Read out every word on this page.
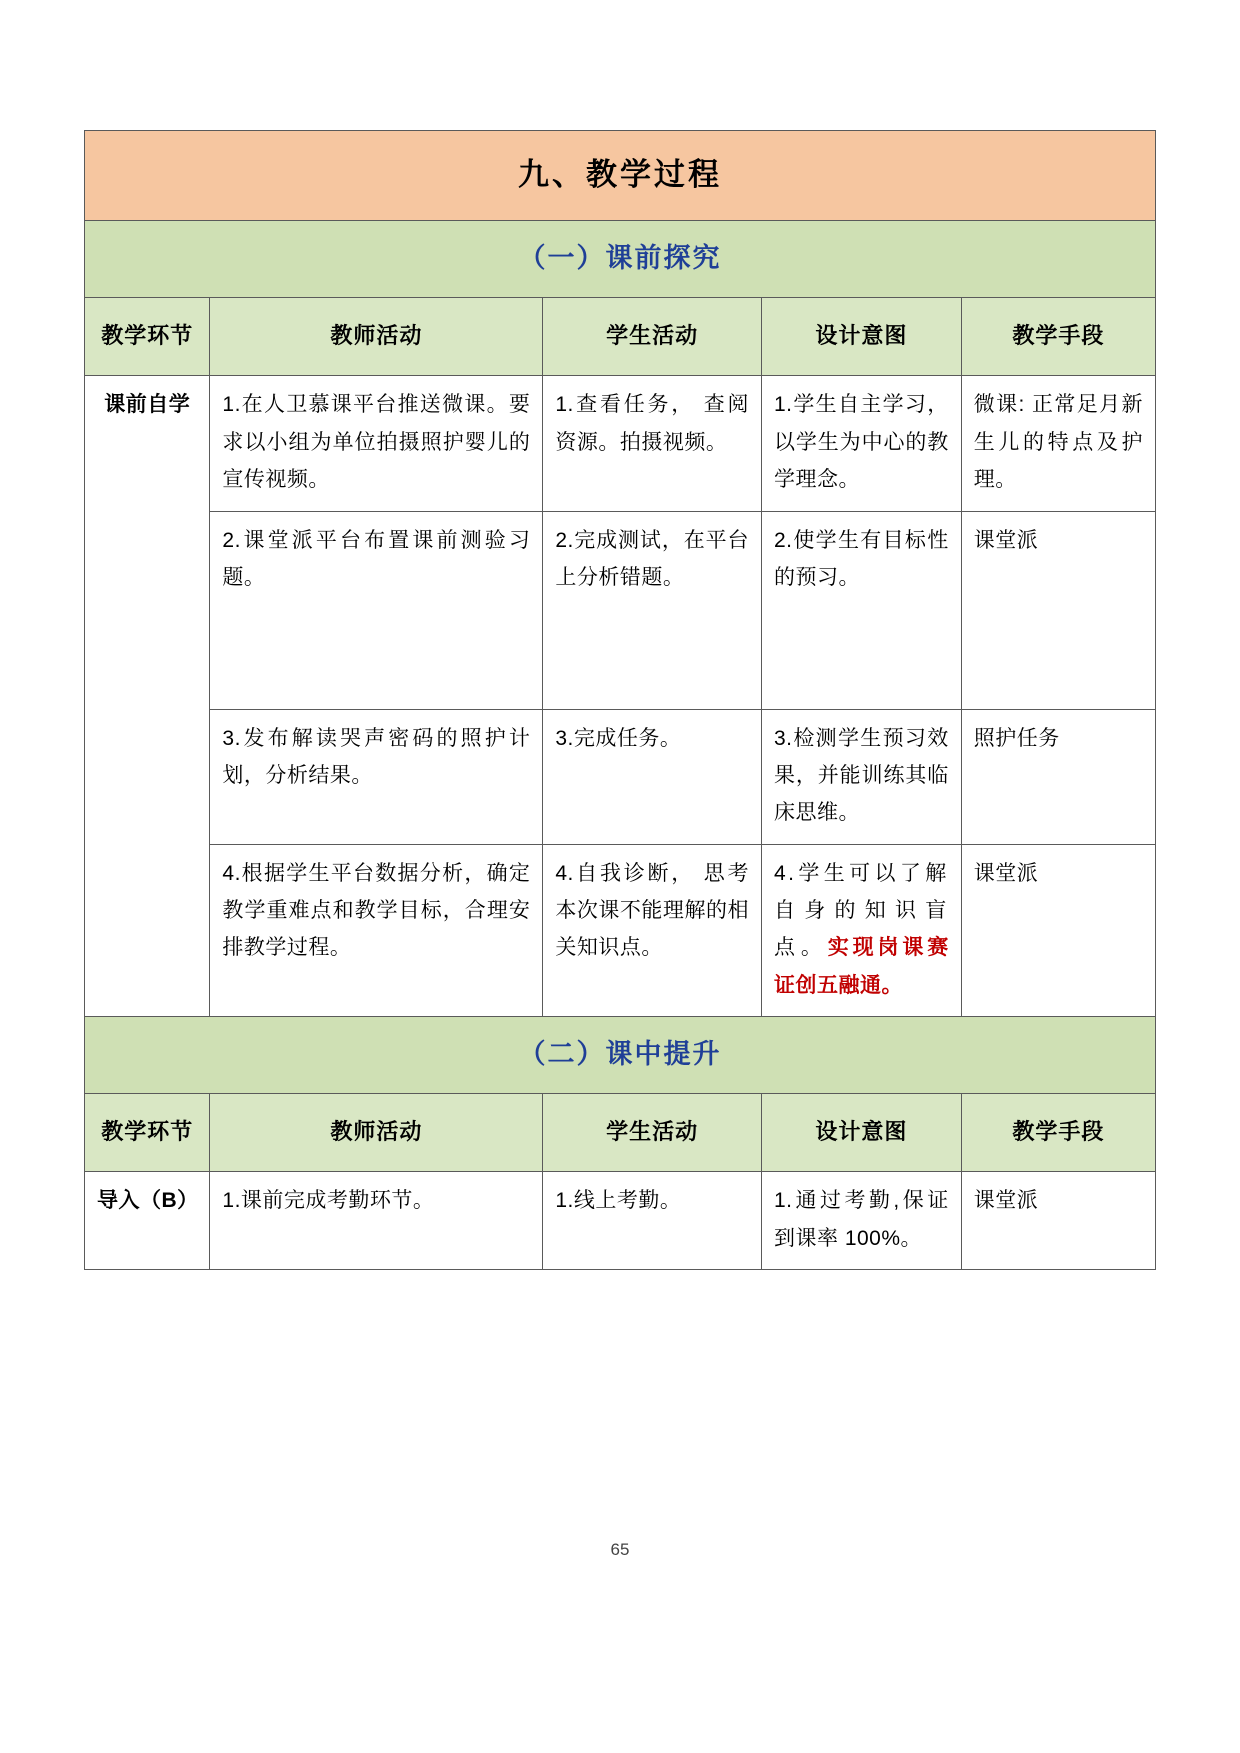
九、教学过程				
（一）课前探究				
教学环节	教师活动	学生活动	设计意图	教学手段
课前自学	1.在人卫慕课平台推送微课。要求以小组为单位拍摄照护婴儿的宣传视频。	1.查看任务， 查阅资源。拍摄视频。	1.学生自主学习，以学生为中心的教学理念。	微课: 正常足月新生儿的特点及护理。
	2.课堂派平台布置课前测验习题。	2.完成测试，在平台上分析错题。	2.使学生有目标性的预习。	课堂派
	3.发布解读哭声密码的照护计划，分析结果。	3.完成任务。	3.检测学生预习效果，并能训练其临床思维。	照护任务
	4.根据学生平台数据分析，确定教学重难点和教学目标，合理安排教学过程。	4.自我诊断， 思考本次课不能理解的相关知识点。	4.学生可以了解自身的知识盲点。实现岗课赛证创五融通。	课堂派
（二）课中提升				
教学环节	教师活动	学生活动	设计意图	教学手段
导入（B）	1.课前完成考勤环节。	1.线上考勤。	1.通过考勤,保证到课率 100%。	课堂派
65
